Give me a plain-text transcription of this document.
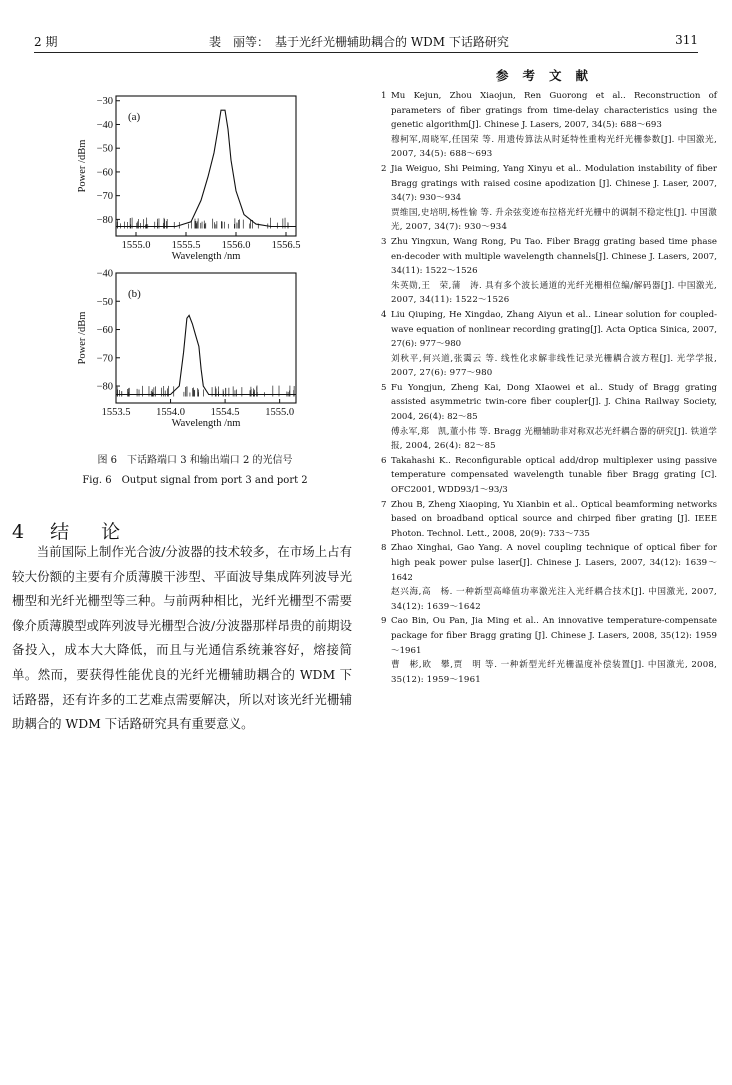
2 期	裴　丽等：　基于光纤光栅辅助耦合的 WDM 下话路研究	311
−30
−40
−50
−60
−70
−80
1555.0 1555.5 1556.0 1556.5
(a)
Wavelength /nm
Power /dBm
−40
−50
−60
−70
−80
1553.5 1554.0 1554.5 1555.0
(b)
Wavelength /nm
Power /dBm
图 6　下话路端口 3 和输出端口 2 的光信号
Fig. 6　Output signal from port 3 and port 2
4 结 论

当前国际上制作光合波/分波器的技术较多，在市场上占有较大份额的主要有介质薄膜干涉型、平面波导集成阵列波导光栅型和光纤光栅型等三种。与前两种相比，光纤光栅型不需要像介质薄膜型或阵列波导光栅型合波/分波器那样昂贵的前期设备投入，成本大大降低，而且与光通信系统兼容好，熔接简单。然而，要获得性能优良的光纤光栅辅助耦合的 WDM 下话路器，还有许多的工艺难点需要解决，所以对该光纤光栅辅助耦合的 WDM 下话路研究具有重要意义。

参考文献
1 Mu Kejun, Zhou Xiaojun, Ren Guorong et al.. Reconstruction of parameters of fiber gratings from time-delay characteristics using the genetic algorithm[J]. Chinese J. Lasers, 2007, 34(5): 688～693
穆柯军,周晓军,任国荣 等. 用遗传算法从时延特性重构光纤光栅参数[J]. 中国激光, 2007, 34(5): 688～693
2 Jia Weiguo, Shi Peiming, Yang Xinyu et al.. Modulation instability of fiber Bragg gratings with raised cosine apodization [J]. Chinese J. Laser, 2007, 34(7): 930～934
贾维国,史培明,杨性愉 等. 升余弦变迹布拉格光纤光栅中的调制不稳定性[J]. 中国激光, 2007, 34(7): 930～934
3 Zhu Yingxun, Wang Rong, Pu Tao. Fiber Bragg grating based time phase en-decoder with multiple wavelength channels[J]. Chinese J. Lasers, 2007, 34(11): 1522～1526
朱英勋,王　荣,蒲　涛. 具有多个波长通道的光纤光栅相位编/解码器[J]. 中国激光, 2007, 34(11): 1522～1526
4 Liu Qiuping, He Xingdao, Zhang Aiyun et al.. Linear solution for coupled-wave equation of nonlinear recording grating[J]. Acta Optica Sinica, 2007, 27(6): 977～980
刘秋平,何兴道,张霭云 等. 线性化求解非线性记录光栅耦合波方程[J]. 光学学报, 2007, 27(6): 977～980
5 Fu Yongjun, Zheng Kai, Dong XIaowei et al.. Study of Bragg grating assisted asymmetric twin-core fiber coupler[J]. J. China Railway Society, 2004, 26(4): 82～85
傅永军,郑　凯,董小伟 等. Bragg 光栅辅助非对称双芯光纤耦合器的研究[J]. 铁道学报, 2004, 26(4): 82～85
6 Takahashi K.. Reconfigurable optical add/drop multiplexer using passive temperature compensated wavelength tunable fiber Bragg grating [C]. OFC2001, WDD93/1～93/3
7 Zhou B, Zheng Xiaoping, Yu Xianbin et al.. Optical beamforming networks based on broadband optical source and chirped fiber grating [J]. IEEE Photon. Technol. Lett., 2008, 20(9): 733～735
8 Zhao Xinghai, Gao Yang. A novel coupling technique of optical fiber for high peak power pulse laser[J]. Chinese J. Lasers, 2007, 34(12): 1639～1642
赵兴海,高　杨. 一种新型高峰值功率激光注入光纤耦合技术[J]. 中国激光, 2007, 34(12): 1639～1642
9 Cao Bin, Ou Pan, Jia Ming et al.. An innovative temperature-compensate package for fiber Bragg grating [J]. Chinese J. Lasers, 2008, 35(12): 1959～1961
曹　彬,欧　攀,贾　明 等. 一种新型光纤光栅温度补偿装置[J]. 中国激光, 2008, 35(12): 1959～1961
